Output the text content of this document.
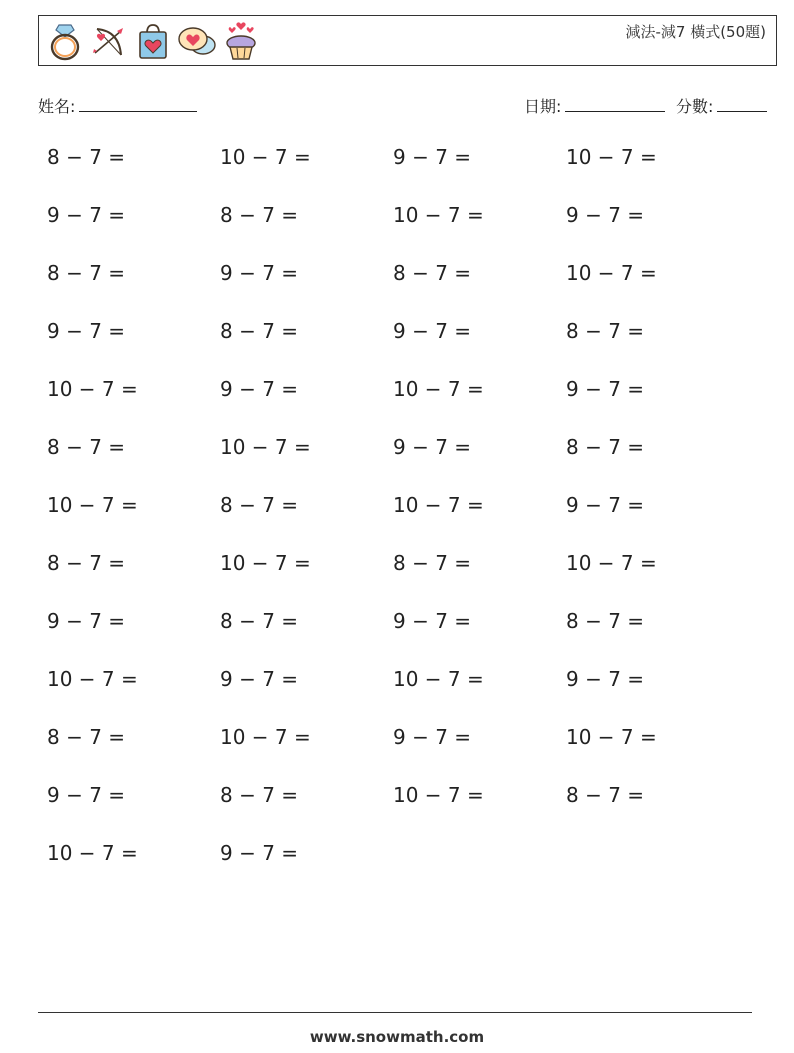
減法-減7 橫式(50題)
姓名:	日期:	分數:
8 − 7 =	10 − 7 =	9 − 7 =	10 − 7 =
9 − 7 =	8 − 7 =	10 − 7 =	9 − 7 =
8 − 7 =	9 − 7 =	8 − 7 =	10 − 7 =
9 − 7 =	8 − 7 =	9 − 7 =	8 − 7 =
10 − 7 =	9 − 7 =	10 − 7 =	9 − 7 =
8 − 7 =	10 − 7 =	9 − 7 =	8 − 7 =
10 − 7 =	8 − 7 =	10 − 7 =	9 − 7 =
8 − 7 =	10 − 7 =	8 − 7 =	10 − 7 =
9 − 7 =	8 − 7 =	9 − 7 =	8 − 7 =
10 − 7 =	9 − 7 =	10 − 7 =	9 − 7 =
8 − 7 =	10 − 7 =	9 − 7 =	10 − 7 =
9 − 7 =	8 − 7 =	10 − 7 =	8 − 7 =
10 − 7 =	9 − 7 =
www.snowmath.com
